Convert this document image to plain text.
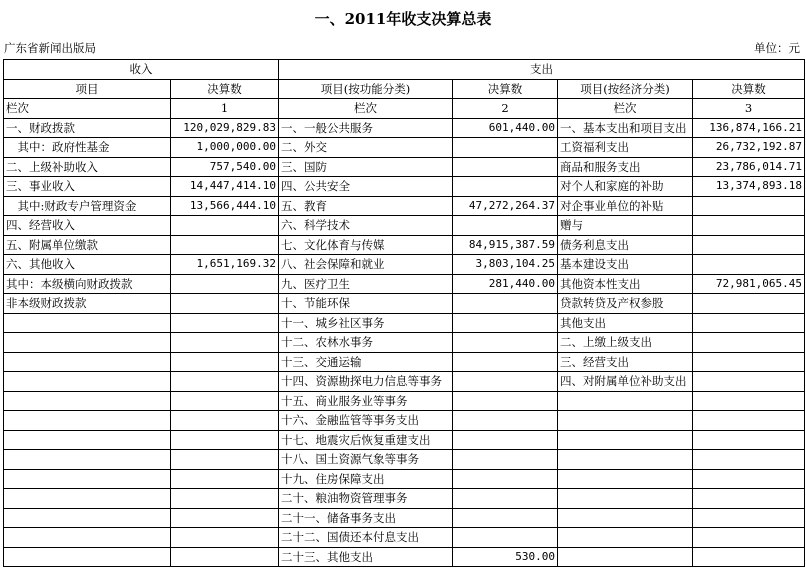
一、2011年收支决算总表
广东省新闻出版局	单位：元
收入		支出			
项目	决算数	项目(按功能分类)	决算数	项目(按经济分类)	决算数
栏次	1	栏次	2	栏次	3
一、财政拨款	120,029,829.83	一、一般公共服务	601,440.00	一、基本支出和项目支出	136,874,166.21
　其中：政府性基金	1,000,000.00	二、外交		工资福利支出	26,732,192.87
二、上级补助收入	757,540.00	三、国防		商品和服务支出	23,786,014.71
三、事业收入	14,447,414.10	四、公共安全		对个人和家庭的补助	13,374,893.18
　其中:财政专户管理资金	13,566,444.10	五、教育	47,272,264.37	对企事业单位的补贴	
四、经营收入		六、科学技术		赠与	
五、附属单位缴款		七、文化体育与传媒	84,915,387.59	债务利息支出	
六、其他收入	1,651,169.32	八、社会保障和就业	3,803,104.25	基本建设支出	
其中：本级横向财政拨款		九、医疗卫生	281,440.00	其他资本性支出	72,981,065.45
非本级财政拨款		十、节能环保		贷款转贷及产权参股	
		十一、城乡社区事务		其他支出	
		十二、农林水事务		二、上缴上级支出	
		十三、交通运输		三、经营支出	
		十四、资源勘探电力信息等事务		四、对附属单位补助支出	
		十五、商业服务业等事务			
		十六、金融监管等事务支出			
		十七、地震灾后恢复重建支出			
		十八、国土资源气象等事务			
		十九、住房保障支出			
		二十、粮油物资管理事务			
		二十一、储备事务支出			
		二十二、国债还本付息支出			
		二十三、其他支出	530.00		
